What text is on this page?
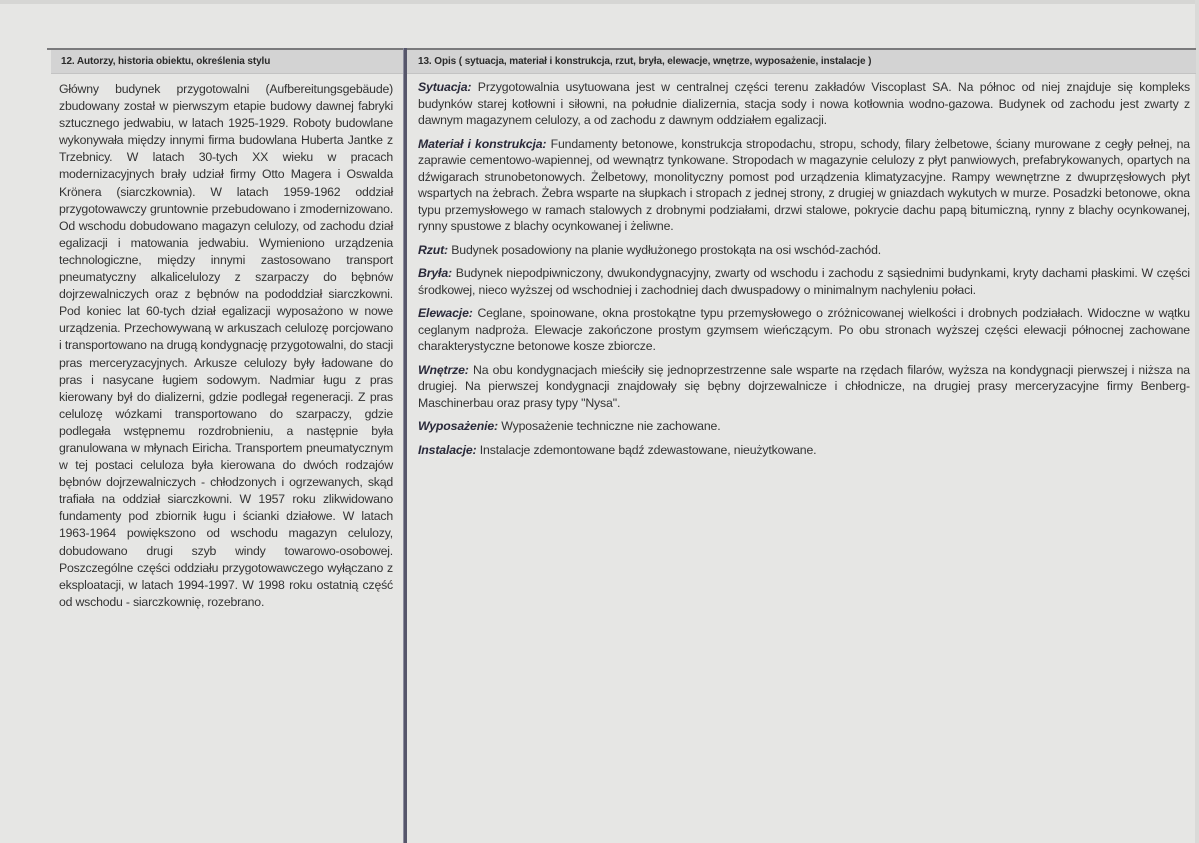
12. Autorzy, historia obiektu, określenia stylu
Główny budynek przygotowalni (Aufbereitungsgebäude) zbudowany został w pierwszym etapie budowy dawnej fabryki sztucznego jedwabiu, w latach 1925-1929. Roboty budowlane wykonywała między innymi firma budowlana Huberta Jantke z Trzebnicy. W latach 30-tych XX wieku w pracach modernizacyjnych brały udział firmy Otto Magera i Oswalda Krönera (siarczkownia). W latach 1959-1962 oddział przygotowawczy gruntownie przebudowano i zmodernizowano. Od wschodu dobudowano magazyn celulozy, od zachodu dział egalizacji i matowania jedwabiu. Wymieniono urządzenia technologiczne, między innymi zastosowano transport pneumatyczny alkalicelulozy z szarpaczy do bębnów dojrzewalniczych oraz z bębnów na pododdział siarczkowni. Pod koniec lat 60-tych dział egalizacji wyposażono w nowe urządzenia. Przechowywaną w arkuszach celulozę porcjowano i transportowano na drugą kondygnację przygotowalni, do stacji pras merceryzacyjnych. Arkusze celulozy były ładowane do pras i nasycane ługiem sodowym. Nadmiar ługu z pras kierowany był do dializerni, gdzie podlegał regeneracji. Z pras celulozę wózkami transportowano do szarpaczy, gdzie podlegała wstępnemu rozdrobnieniu, a następnie była granulowana w młynach Eiricha. Transportem pneumatycznym w tej postaci celuloza była kierowana do dwóch rodzajów bębnów dojrzewalniczych - chłodzonych i ogrzewanych, skąd trafiała na oddział siarczkowni. W 1957 roku zlikwidowano fundamenty pod zbiornik ługu i ścianki działowe. W latach 1963-1964 powiększono od wschodu magazyn celulozy, dobudowano drugi szyb windy towarowo-osobowej. Poszczególne części oddziału przygotowawczego wyłączano z eksploatacji, w latach 1994-1997. W 1998 roku ostatnią część od wschodu - siarczkownię, rozebrano.
13. Opis ( sytuacja, materiał i konstrukcja, rzut, bryła, elewacje, wnętrze, wyposażenie, instalacje )

Sytuacja: Przygotowalnia usytuowana jest w centralnej części terenu zakładów Viscoplast SA. Na północ od niej znajduje się kompleks budynków starej kotłowni i siłowni, na południe dializernia, stacja sody i nowa kotłownia wodno-gazowa. Budynek od zachodu jest zwarty z dawnym magazynem celulozy, a od zachodu z dawnym oddziałem egalizacji.

Materiał i konstrukcja: Fundamenty betonowe, konstrukcja stropodachu, stropu, schody, filary żelbetowe, ściany murowane z cegły pełnej, na zaprawie cementowo-wapiennej, od wewnątrz tynkowane. Stropodach w magazynie celulozy z płyt panwiowych, prefabrykowanych, opartych na dźwigarach strunobetonowych. Żelbetowy, monolityczny pomost pod urządzenia klimatyzacyjne. Rampy wewnętrzne z dwuprzęsłowych płyt wspartych na żebrach. Żebra wsparte na słupkach i stropach z jednej strony, z drugiej w gniazdach wykutych w murze. Posadzki betonowe, okna typu przemysłowego w ramach stalowych z drobnymi podziałami, drzwi stalowe, pokrycie dachu papą bitumiczną, rynny z blachy ocynkowanej, rynny spustowe z blachy ocynkowanej i żeliwne.

Rzut: Budynek posadowiony na planie wydłużonego prostokąta na osi wschód-zachód.

Bryła: Budynek niepodpiwniczony, dwukondygnacyjny, zwarty od wschodu i zachodu z sąsiednimi budynkami, kryty dachami płaskimi. W części środkowej, nieco wyższej od wschodniej i zachodniej dach dwuspadowy o minimalnym nachyleniu połaci.

Elewacje: Ceglane, spoinowane, okna prostokątne typu przemysłowego o zróżnicowanej wielkości i drobnych podziałach. Widoczne w wątku ceglanym nadproża. Elewacje zakończone prostym gzymsem wieńczącym. Po obu stronach wyższej części elewacji północnej zachowane charakterystyczne betonowe kosze zbiorcze.

Wnętrze: Na obu kondygnacjach mieściły się jednoprzestrzenne sale wsparte na rzędach filarów, wyższa na kondygnacji pierwszej i niższa na drugiej. Na pierwszej kondygnacji znajdowały się bębny dojrzewalnicze i chłodnicze, na drugiej prasy merceryzacyjne firmy Benberg-Maschinerbau oraz prasy typy "Nysa".

Wyposażenie: Wyposażenie techniczne nie zachowane.

Instalacje: Instalacje zdemontowane bądź zdewastowane, nieużytkowane.
